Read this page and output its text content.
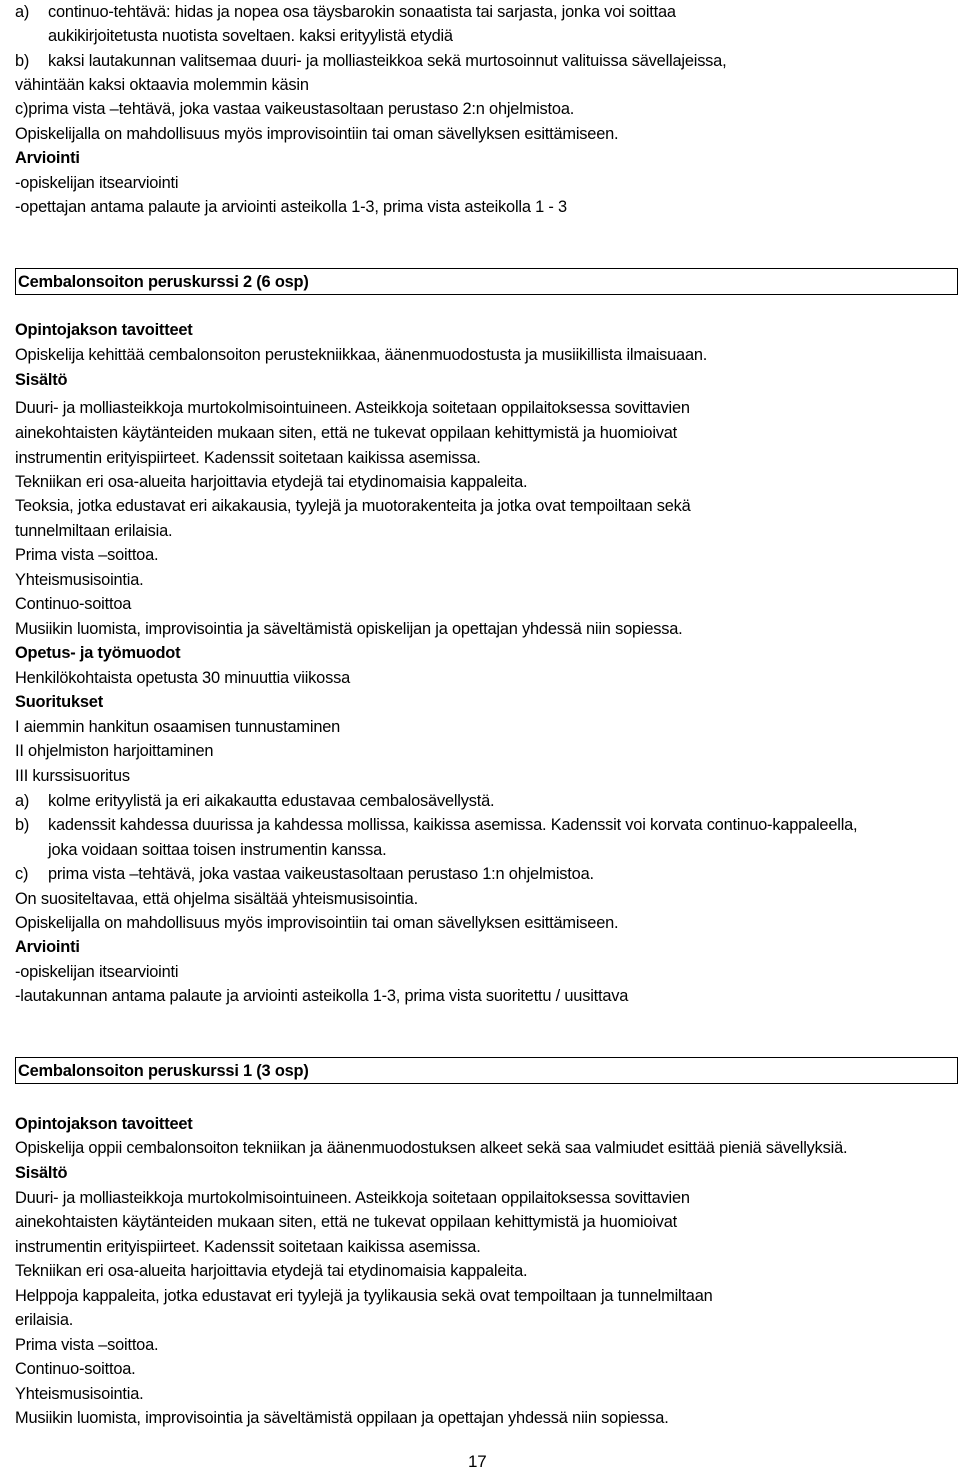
a)	continuo-tehtävä: hidas ja nopea osa täysbarokin sonaatista tai sarjasta, jonka voi soittaa
aukikirjoitetusta nuotista soveltaen. kaksi erityylistä etydiä
b)	kaksi lautakunnan valitsemaa duuri- ja molliasteikkoa sekä murtosoinnut valituissa sävellajeissa,
vähintään kaksi oktaavia molemmin käsin
c)prima vista –tehtävä, joka vastaa vaikeustasoltaan perustaso 2:n ohjelmistoa.
Opiskelijalla on mahdollisuus myös improvisointiin tai oman sävellyksen esittämiseen.
Arviointi
-opiskelijan itsearviointi
-opettajan antama palaute ja arviointi asteikolla 1-3, prima vista asteikolla 1 - 3
Cembalonsoiton peruskurssi 2 (6 osp)
Opintojakson tavoitteet
Opiskelija kehittää cembalonsoiton perustekniikkaa, äänenmuodostusta ja musiikillista ilmaisuaan.
Sisältö
Duuri- ja molliasteikkoja murtokolmisointuineen. Asteikkoja soitetaan oppilaitoksessa sovittavien
ainekohtaisten käytänteiden mukaan siten, että ne tukevat oppilaan kehittymistä ja huomioivat
instrumentin erityispiirteet. Kadenssit soitetaan kaikissa asemissa.
Tekniikan eri osa-alueita harjoittavia etydejä tai etydinomaisia kappaleita.
Teoksia, jotka edustavat eri aikakausia, tyylejä ja muotorakenteita ja jotka ovat tempoiltaan sekä
tunnelmiltaan erilaisia.
Prima vista –soittoa.
Yhteismusisointia.
Continuo-soittoa
Musiikin luomista, improvisointia ja säveltämistä opiskelijan ja opettajan yhdessä niin sopiessa.
Opetus- ja työmuodot
Henkilökohtaista opetusta 30 minuuttia viikossa
Suoritukset
I aiemmin hankitun osaamisen tunnustaminen
II ohjelmiston harjoittaminen
III kurssisuoritus
a)	kolme erityylistä ja eri aikakautta edustavaa cembalosävellystä.
b)	kadenssit kahdessa duurissa ja kahdessa mollissa, kaikissa asemissa. Kadenssit voi korvata continuo-kappaleella,
joka voidaan soittaa toisen instrumentin kanssa.
c)	prima vista –tehtävä, joka vastaa vaikeustasoltaan perustaso 1:n ohjelmistoa.
On suositeltavaa, että ohjelma sisältää yhteismusisointia.
Opiskelijalla on mahdollisuus myös improvisointiin tai oman sävellyksen esittämiseen.
Arviointi
-opiskelijan itsearviointi
-lautakunnan antama palaute ja arviointi asteikolla 1-3, prima vista suoritettu / uusittava
Cembalonsoiton peruskurssi 1 (3 osp)
Opintojakson tavoitteet
Opiskelija oppii cembalonsoiton tekniikan ja äänenmuodostuksen alkeet sekä saa valmiudet esittää pieniä sävellyksiä.
Sisältö
Duuri- ja molliasteikkoja murtokolmisointuineen. Asteikkoja soitetaan oppilaitoksessa sovittavien
ainekohtaisten käytänteiden mukaan siten, että ne tukevat oppilaan kehittymistä ja huomioivat
instrumentin erityispiirteet. Kadenssit soitetaan kaikissa asemissa.
Tekniikan eri osa-alueita harjoittavia etydejä tai etydinomaisia kappaleita.
Helppoja kappaleita, jotka edustavat eri tyylejä ja tyylikausia sekä ovat tempoiltaan ja tunnelmiltaan
erilaisia.
Prima vista –soittoa.
Continuo-soittoa.
Yhteismusisointia.
Musiikin luomista, improvisointia ja säveltämistä oppilaan ja opettajan yhdessä niin sopiessa.
17
